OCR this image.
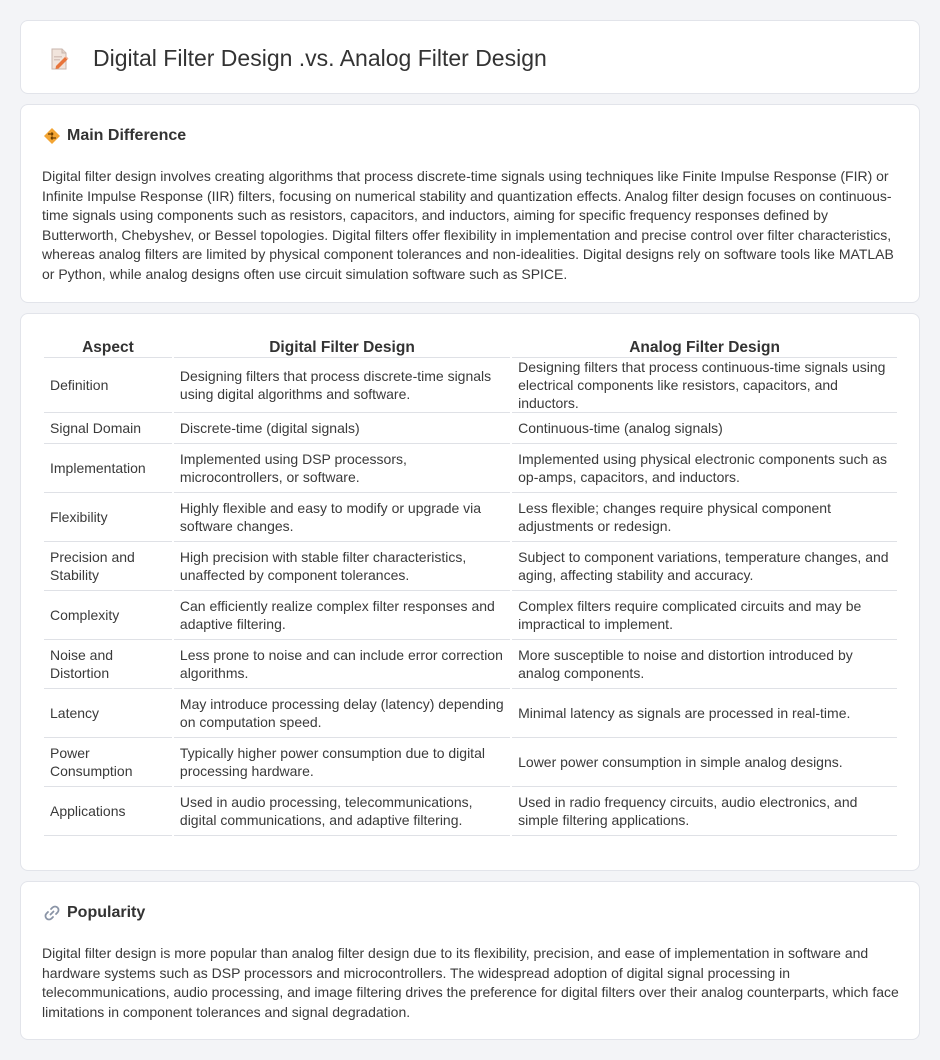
Digital Filter Design .vs. Analog Filter Design
Main Difference

Digital filter design involves creating algorithms that process discrete-time signals using techniques like Finite Impulse Response (FIR) or Infinite Impulse Response (IIR) filters, focusing on numerical stability and quantization effects. Analog filter design focuses on continuous-time signals using components such as resistors, capacitors, and inductors, aiming for specific frequency responses defined by Butterworth, Chebyshev, or Bessel topologies. Digital filters offer flexibility in implementation and precise control over filter characteristics, whereas analog filters are limited by physical component tolerances and non-idealities. Digital designs rely on software tools like MATLAB or Python, while analog designs often use circuit simulation software such as SPICE.

Aspect	Digital Filter Design	Analog Filter Design
Definition	Designing filters that process discrete-time signals using digital algorithms and software.	Designing filters that process continuous-time signals using electrical components like resistors, capacitors, and inductors.
Signal Domain	Discrete-time (digital signals)	Continuous-time (analog signals)
Implementation	Implemented using DSP processors, microcontrollers, or software.	Implemented using physical electronic components such as op-amps, capacitors, and inductors.
Flexibility	Highly flexible and easy to modify or upgrade via software changes.	Less flexible; changes require physical component adjustments or redesign.
Precision and Stability	High precision with stable filter characteristics, unaffected by component tolerances.	Subject to component variations, temperature changes, and aging, affecting stability and accuracy.
Complexity	Can efficiently realize complex filter responses and adaptive filtering.	Complex filters require complicated circuits and may be impractical to implement.
Noise and Distortion	Less prone to noise and can include error correction algorithms.	More susceptible to noise and distortion introduced by analog components.
Latency	May introduce processing delay (latency) depending on computation speed.	Minimal latency as signals are processed in real-time.
Power Consumption	Typically higher power consumption due to digital processing hardware.	Lower power consumption in simple analog designs.
Applications	Used in audio processing, telecommunications, digital communications, and adaptive filtering.	Used in radio frequency circuits, audio electronics, and simple filtering applications.
Popularity

Digital filter design is more popular than analog filter design due to its flexibility, precision, and ease of implementation in software and hardware systems such as DSP processors and microcontrollers. The widespread adoption of digital signal processing in telecommunications, audio processing, and image filtering drives the preference for digital filters over their analog counterparts, which face limitations in component tolerances and signal degradation.
